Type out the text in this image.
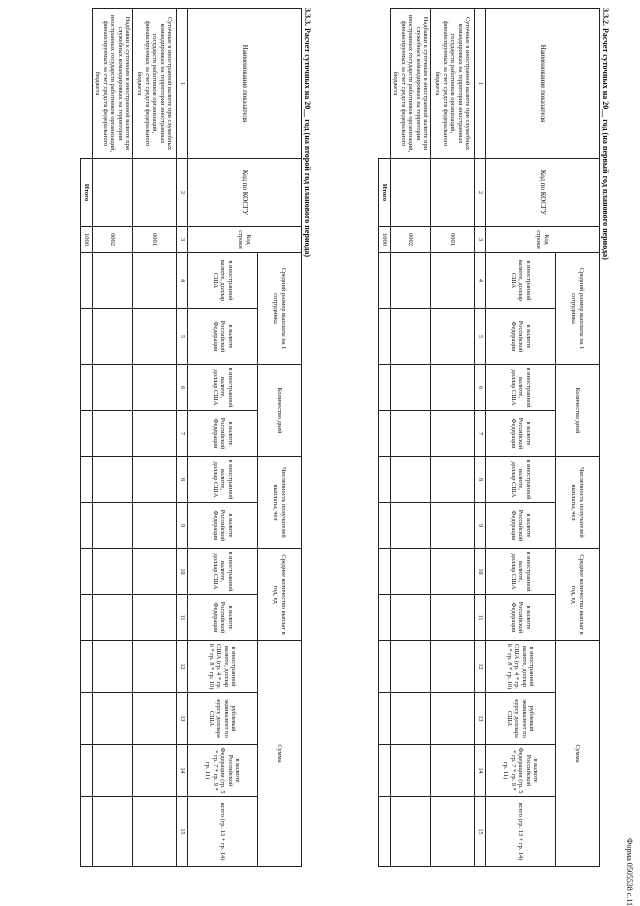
Форма 0505538 с.11
3.3.2. Расчет суточных на 20__ год (на первый год планового периода)
Наименование показателя	Код по КОСГУ	Код строки	Средний размер выплаты на 1 сотрудника		Количество дней		Численность получателей выплаты, чел		Среднее количество выплат в год, ед		Сумма			
			в иностранной валюте, доллар США	в валюте Российской Федерации	в иностранной валюте, доллар США	в валюте Российской Федерации	в иностранной валюте, доллар США	в валюте Российской Федерации	в иностранной валюте, доллар США	в валюте Российской Федерации	в иностранной валюте, доллар США (гр. 4 * гр. 6 * гр. 8 * гр. 10)	рублевый эквивалент по курсу доллара США	в валюте Российской Федерации (гр. 5 * гр. 7 * гр. 9 * гр. 11)	всего (гр. 13 + гр. 14)
1	2	3	4	5	6	7	8	9	10	11	12	13	14	15
Суточные в иностранной валюте при служебных командировках на территории иностранных государств работников организаций, финансируемых за счет средств федерального бюджета		0001												
Надбавки к суточным в иностранной валюте при служебных командировках на территории иностранных государств работников организаций, финансируемых за счет средств федерального бюджета		0002												
	Итого	1000												
3.3.3. Расчет суточных на 20__ год (на второй год планового периода)
Наименование показателя	Код по КОСГУ	Код строки	Средний размер выплаты на 1 сотрудника		Количество дней		Численность получателей выплаты, чел		Среднее количество выплат в год, ед		Сумма			
			в иностранной валюте, доллар США	в валюте Российской Федерации	в иностранной валюте, доллар США	в валюте Российской Федерации	в иностранной валюте, доллар США	в валюте Российской Федерации	в иностранной валюте, доллар США	в валюте Российской Федерации	в иностранной валюте, доллар США (гр. 4 * гр. 6 * гр. 8 * гр. 10)	рублевый эквивалент по курсу доллара США	в валюте Российской Федерации (гр. 5 * гр. 7 * гр. 9 * гр. 11)	всего (гр. 13 + гр. 14)
1	2	3	4	5	6	7	8	9	10	11	12	13	14	15
Суточные в иностранной валюте при служебных командировках на территории иностранных государств работников организаций, финансируемых за счет средств федерального бюджета		0001												
Надбавки к суточным в иностранной валюте при служебных командировках на территории иностранных государств работников организаций, финансируемых за счет средств федерального бюджета		0002												
	Итого	1000												
